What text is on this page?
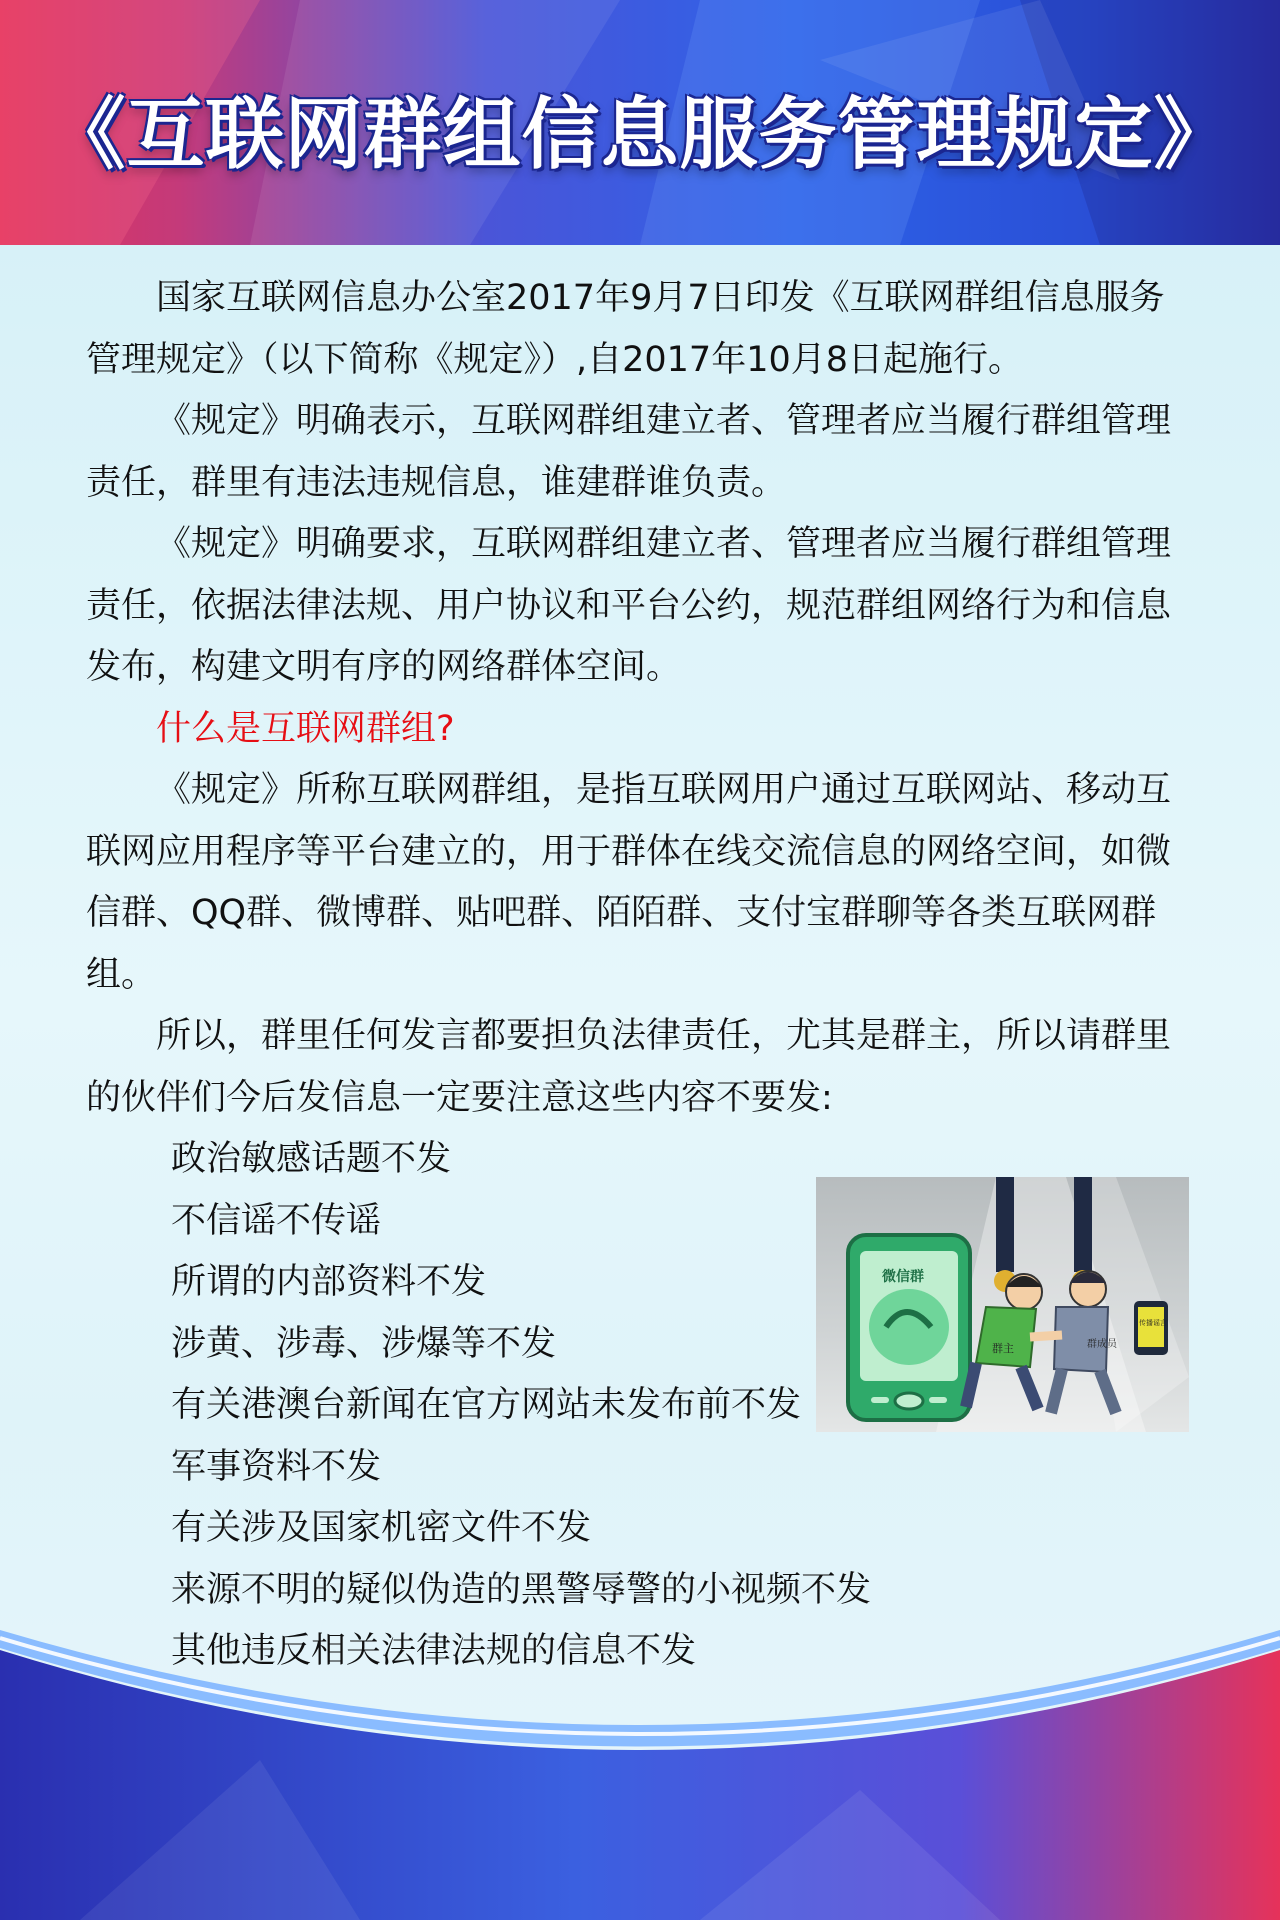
《互联网群组信息服务管理规定》

国家互联网信息办公室2017年9月7日印发《互联网群组信息服务管理规定》（以下简称《规定》）,自2017年10月8日起施行。

《规定》明确表示，互联网群组建立者、管理者应当履行群组管理责任，群里有违法违规信息，谁建群谁负责。

《规定》明确要求，互联网群组建立者、管理者应当履行群组管理责任，依据法律法规、用户协议和平台公约，规范群组网络行为和信息发布，构建文明有序的网络群体空间。

什么是互联网群组?

《规定》所称互联网群组，是指互联网用户通过互联网站、移动互联网应用程序等平台建立的，用于群体在线交流信息的网络空间，如微信群、QQ群、微博群、贴吧群、陌陌群、支付宝群聊等各类互联网群组。

所以，群里任何发言都要担负法律责任，尤其是群主，所以请群里的伙伴们今后发信息一定要注意这些内容不要发:

政治敏感话题不发
不信谣不传谣
所谓的内部资料不发
涉黄、涉毒、涉爆等不发
有关港澳台新闻在官方网站未发布前不发
军事资料不发
有关涉及国家机密文件不发
来源不明的疑似伪造的黑警辱警的小视频不发
其他违反相关法律法规的信息不发
微信群
群主	群成员
传播谣言
